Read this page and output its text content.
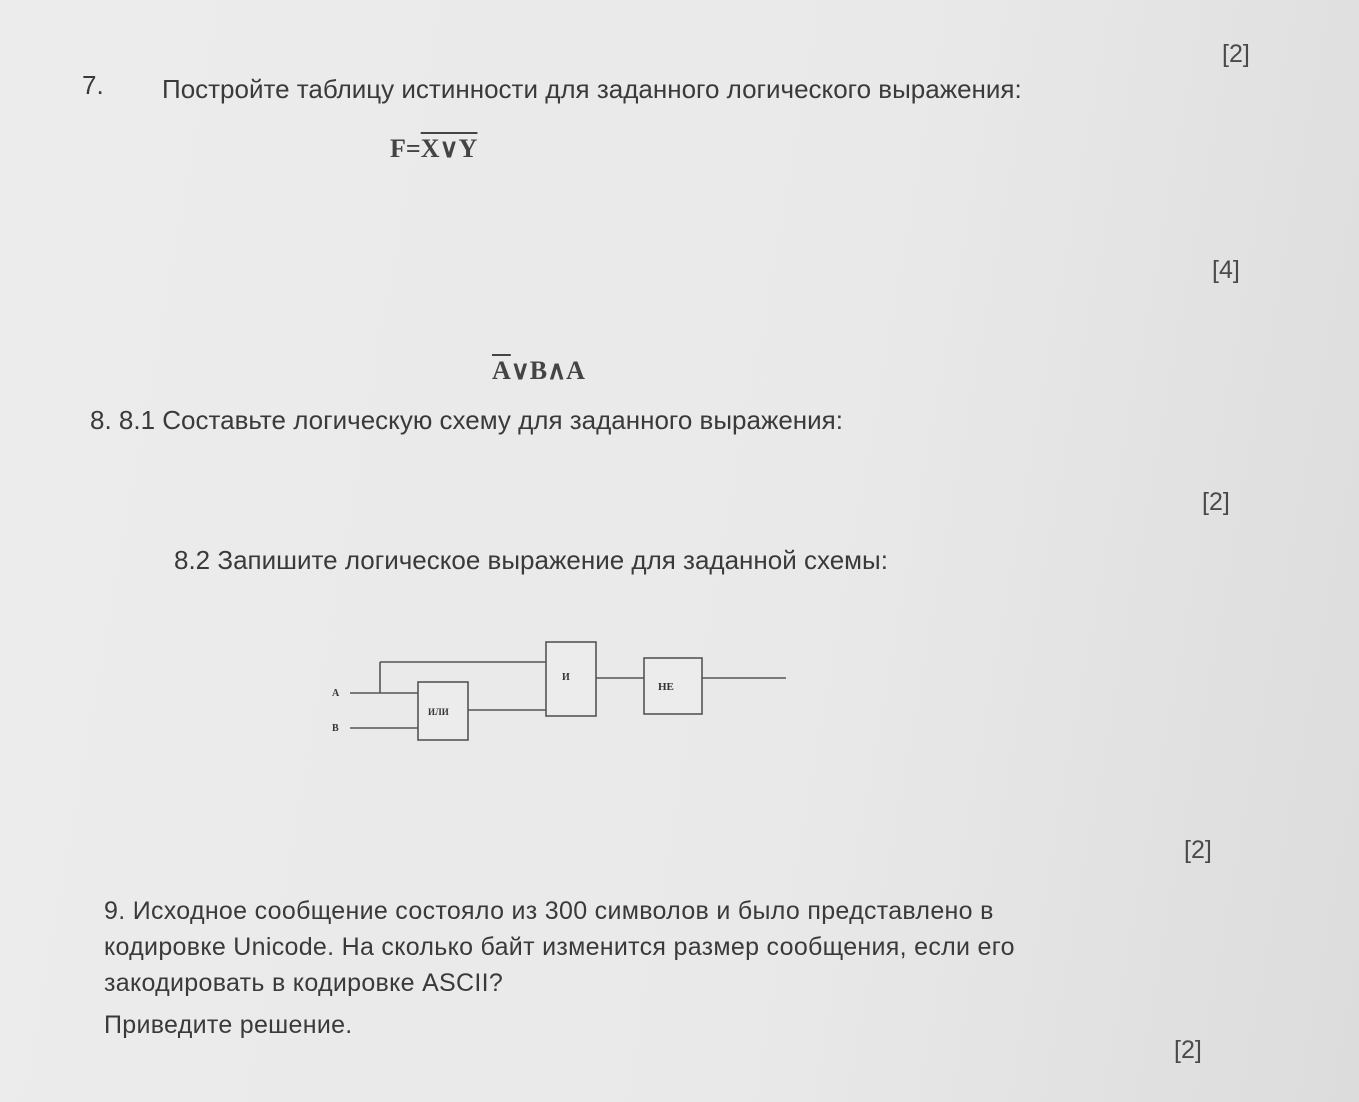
[2]
7. Постройте таблицу истинности для заданного логического выражения:
F=X∨Y
[4]
$\overline{A}\vee B\wedge A$
8. 8.1 Составьте логическую схему для заданного выражения:
[2]
8.2 Запишите логическое выражение для заданной схемы:
A
B
ИЛИ
И
НЕ
[2]
9. Исходное сообщение состояло из 300 символов и было представлено в
кодировке Unicode. На сколько байт изменится размер сообщения, если его
закодировать в кодировке ASCII?
Приведите решение.
[2]
